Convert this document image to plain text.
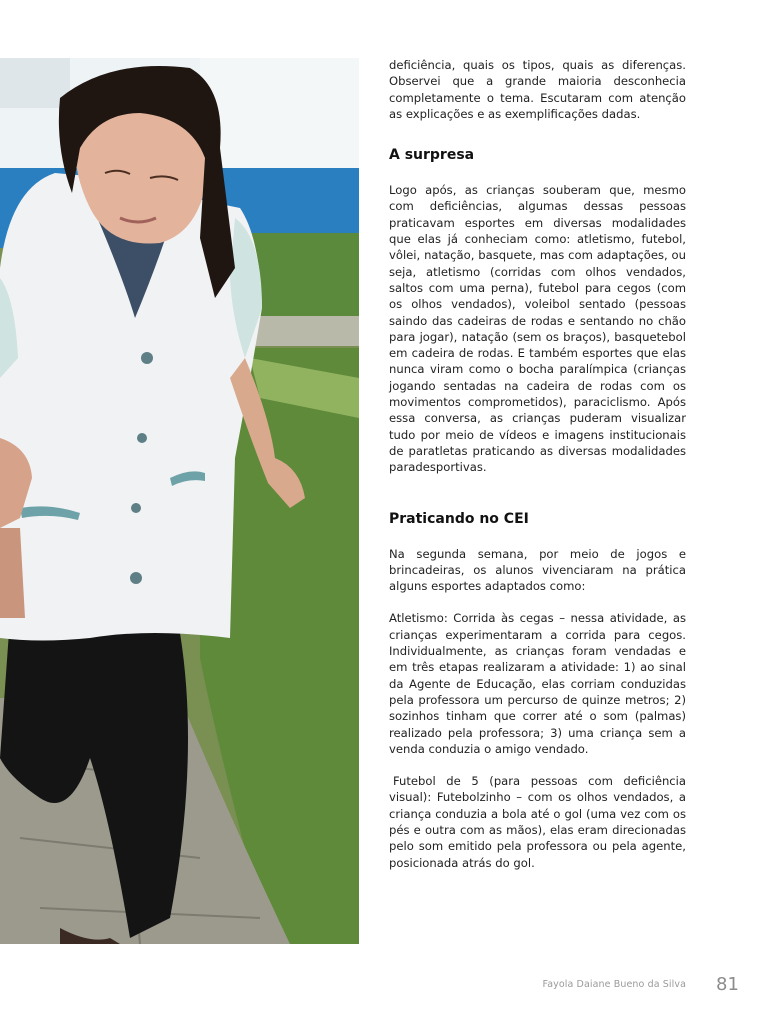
deficiência, quais os tipos, quais as diferenças. Observei que a grande maioria desconhecia completamente o tema. Escutaram com atenção as explicações e as exemplificações dadas.

A surpresa

Logo após, as crianças souberam que, mesmo com deficiências, algumas dessas pessoas praticavam esportes em diversas modalidades que elas já conheciam como: atletismo, futebol, vôlei, natação, basquete, mas com adaptações, ou seja, atletismo (corridas com olhos vendados, saltos com uma perna), futebol para cegos (com os olhos vendados), voleibol sentado (pessoas saindo das cadeiras de rodas e sentando no chão para jogar), natação (sem os braços), basquetebol em cadeira de rodas. E também esportes que elas nunca viram como o bocha paralímpica (crianças jogando sentadas na cadeira de rodas com os movimentos comprometidos), paraciclismo. Após essa conversa, as crianças puderam visualizar tudo por meio de vídeos e imagens institucionais de paratletas praticando as diversas modalidades paradesportivas.

Praticando no CEI

Na segunda semana, por meio de jogos e brincadeiras, os alunos vivenciaram na prática alguns esportes adaptados como:

Atletismo: Corrida às cegas – nessa atividade, as crianças experimentaram a corrida para cegos. Individualmente, as crianças foram vendadas e em três etapas realizaram a atividade: 1) ao sinal da Agente de Educação, elas corriam conduzidas pela professora um percurso de quinze metros; 2) sozinhos tinham que correr até o som (palmas) realizado pela professora; 3) uma criança sem a venda conduzia o amigo vendado.

Futebol de 5 (para pessoas com deficiência visual): Futebolzinho – com os olhos vendados, a criança conduzia a bola até o gol (uma vez com os pés e outra com as mãos), elas eram direcionadas pelo som emitido pela professora ou pela agente, posicionada atrás do gol.

Fayola Daiane Bueno da Silva 81
